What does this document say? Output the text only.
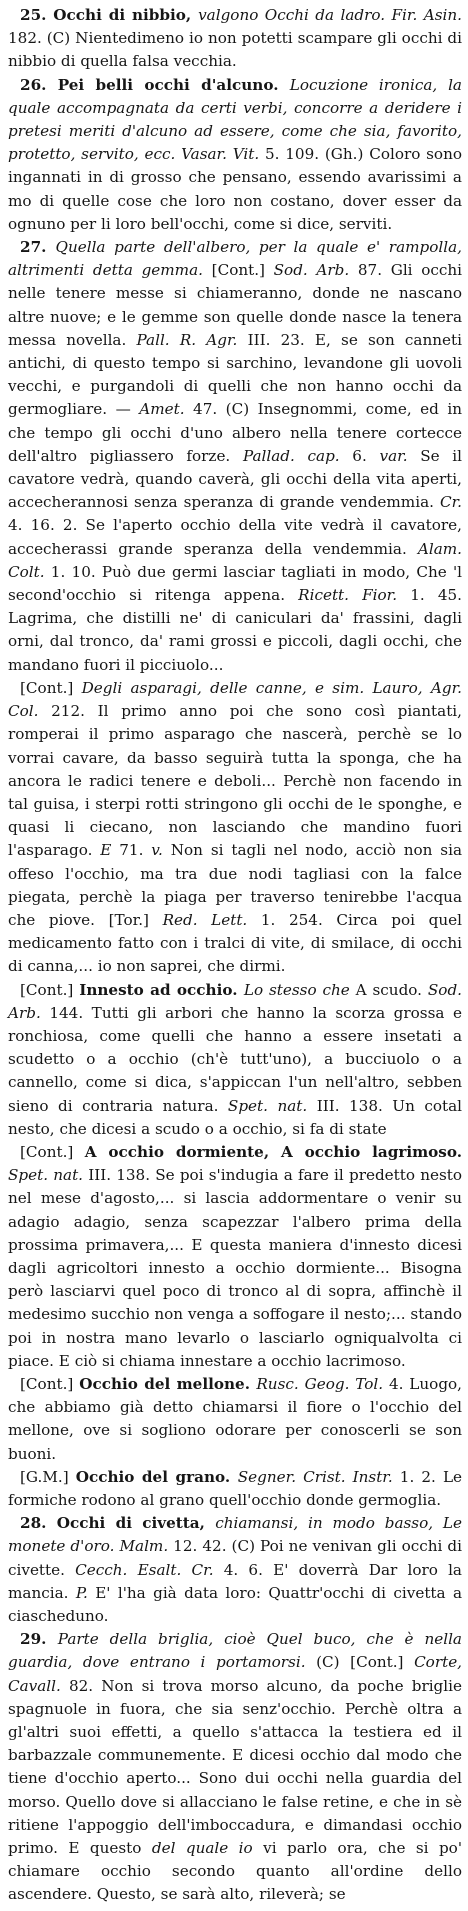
25. Occhi di nibbio, valgono Occhi da ladro. Fir. Asin. 182. (C) Nientedimeno io non potetti scampare gli occhi di nibbio di quella falsa vecchia.

26. Pei belli occhi d'alcuno. Locuzione ironica, la quale accompagnata da certi verbi, concorre a deridere i pretesi meriti d'alcuno ad essere, come che sia, favorito, protetto, servito, ecc. Vasar. Vit. 5. 109. (Gh.) Coloro sono ingannati in di grosso che pensano, essendo avarissimi a mo di quelle cose che loro non costano, dover esser da ognuno per li loro bell'occhi, come si dice, serviti.

27. Quella parte dell'albero, per la quale e' rampolla, altrimenti detta gemma. [Cont.] Sod. Arb. 87. Gli occhi nelle tenere messe si chiameranno, donde ne nascano altre nuove; e le gemme son quelle donde nasce la tenera messa novella. Pall. R. Agr. III. 23. E, se son canneti antichi, di questo tempo si sarchino, levandone gli uovoli vecchi, e purgandoli di quelli che non hanno occhi da germogliare. — Amet. 47. (C) Insegnommi, come, ed in che tempo gli occhi d'uno albero nella tenere cortecce dell'altro pigliassero forze. Pallad. cap. 6. var. Se il cavatore vedrà, quando caverà, gli occhi della vita aperti, accecherannosi senza speranza di grande vendemmia. Cr. 4. 16. 2. Se l'aperto occhio della vite vedrà il cavatore, accecherassi grande speranza della vendemmia. Alam. Colt. 1. 10. Può due germi lasciar tagliati in modo, Che 'l second'occhio si ritenga appena. Ricett. Fior. 1. 45. Lagrima, che distilli ne' di caniculari da' frassini, dagli orni, dal tronco, da' rami grossi e piccoli, dagli occhi, che mandano fuori il picciuolo...

[Cont.] Degli asparagi, delle canne, e sim. Lauro, Agr. Col. 212. Il primo anno poi che sono così piantati, romperai il primo asparago che nascerà, perchè se lo vorrai cavare, da basso seguirà tutta la sponga, che ha ancora le radici tenere e deboli... Perchè non facendo in tal guisa, i sterpi rotti stringono gli occhi de le sponghe, e quasi li ciecano, non lasciando che mandino fuori l'asparago. E 71. v. Non si tagli nel nodo, acciò non sia offeso l'occhio, ma tra due nodi tagliasi con la falce piegata, perchè la piaga per traverso tenirebbe l'acqua che piove. [Tor.] Red. Lett. 1. 254. Circa poi quel medicamento fatto con i tralci di vite, di smilace, di occhi di canna,... io non saprei, che dirmi.

[Cont.] Innesto ad occhio. Lo stesso che A scudo. Sod. Arb. 144. Tutti gli arbori che hanno la scorza grossa e ronchiosa, come quelli che hanno a essere insetati a scudetto o a occhio (ch'è tutt'uno), a bucciuolo o a cannello, come si dica, s'appiccan l'un nell'altro, sebben sieno di contraria natura. Spet. nat. III. 138. Un cotal nesto, che dicesi a scudo o a occhio, si fa di state

[Cont.] A occhio dormiente, A occhio lagrimoso. Spet. nat. III. 138. Se poi s'indugia a fare il predetto nesto nel mese d'agosto,... si lascia addormentare o venir su adagio adagio, senza scapezzar l'albero prima della prossima primavera,... E questa maniera d'innesto dicesi dagli agricoltori innesto a occhio dormiente... Bisogna però lasciarvi quel poco di tronco al di sopra, affinchè il medesimo succhio non venga a soffogare il nesto;... stando poi in nostra mano levarlo o lasciarlo ogniqualvolta ci piace. E ciò si chiama innestare a occhio lacrimoso.

[Cont.] Occhio del mellone. Rusc. Geog. Tol. 4. Luogo, che abbiamo già detto chiamarsi il fiore o l'occhio del mellone, ove si sogliono odorare per conoscerli se son buoni.

[G.M.] Occhio del grano. Segner. Crist. Instr. 1. 2. Le formiche rodono al grano quell'occhio donde germoglia.

28. Occhi di civetta, chiamansi, in modo basso, Le monete d'oro. Malm. 12. 42. (C) Poi ne venivan gli occhi di civette. Cecch. Esalt. Cr. 4. 6. E' doverrà Dar loro la mancia. P. E' l'ha già data loro: Quattr'occhi di civetta a ciascheduno.

29. Parte della briglia, cioè Quel buco, che è nella guardia, dove entrano i portamorsi. (C) [Cont.] Corte, Cavall. 82. Non si trova morso alcuno, da poche briglie spagnuole in fuora, che sia senz'occhio. Perchè oltra a gl'altri suoi effetti, a quello s'attacca la testiera ed il barbazzale communemente. E dicesi occhio dal modo che tiene d'occhio aperto... Sono dui occhi nella guardia del morso. Quello dove si allacciano le false retine, e che in sè ritiene l'appoggio dell'imboccadura, e dimandasi occhio primo. E questo del quale io vi parlo ora, che si po' chiamare occhio secondo quanto all'ordine dello ascendere. Questo, se sarà alto, rileverà; se
